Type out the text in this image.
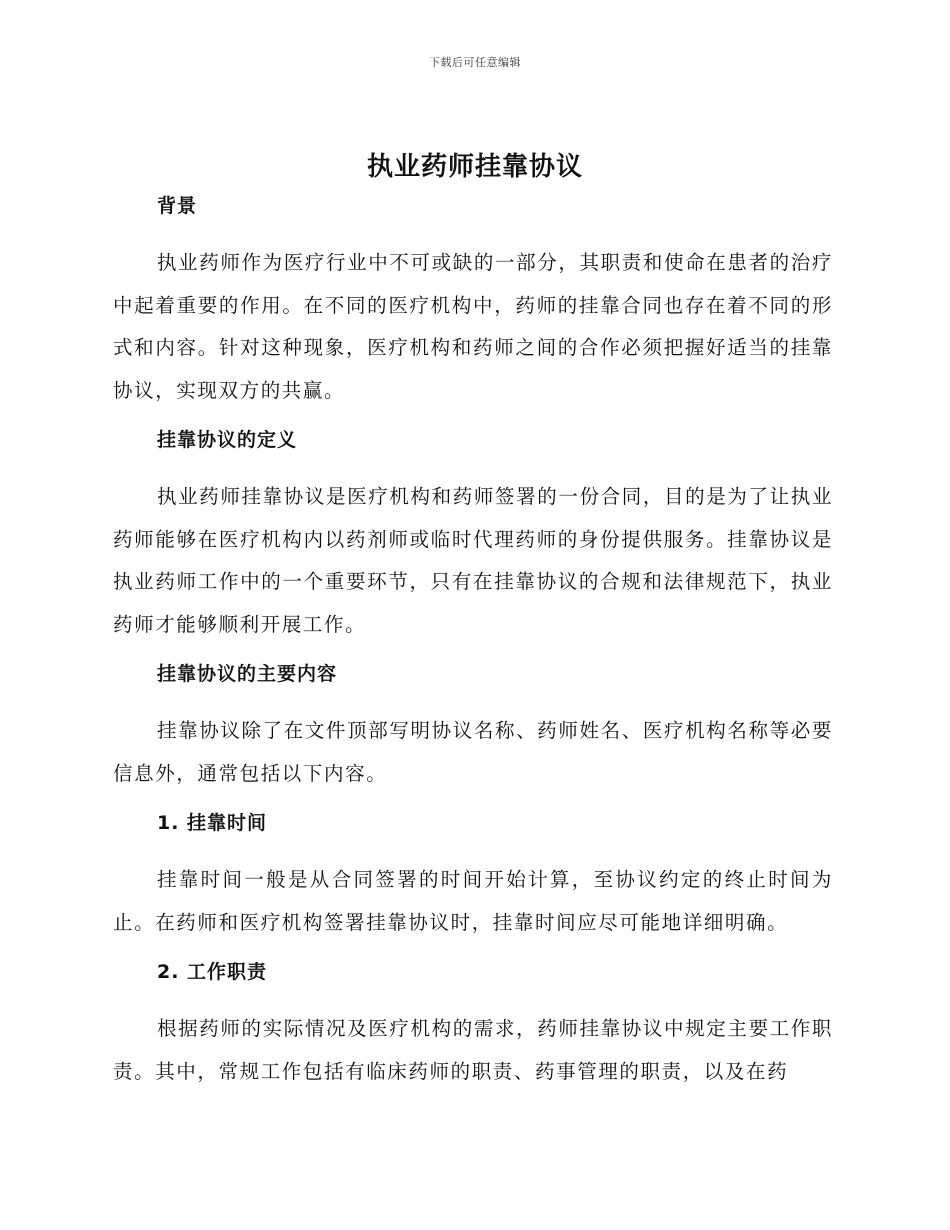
下载后可任意编辑
执业药师挂靠协议
背景

执业药师作为医疗行业中不可或缺的一部分，其职责和使命在患者的治疗中起着重要的作用。在不同的医疗机构中，药师的挂靠合同也存在着不同的形式和内容。针对这种现象，医疗机构和药师之间的合作必须把握好适当的挂靠协议，实现双方的共赢。

挂靠协议的定义

执业药师挂靠协议是医疗机构和药师签署的一份合同，目的是为了让执业药师能够在医疗机构内以药剂师或临时代理药师的身份提供服务。挂靠协议是执业药师工作中的一个重要环节，只有在挂靠协议的合规和法律规范下，执业药师才能够顺利开展工作。

挂靠协议的主要内容

挂靠协议除了在文件顶部写明协议名称、药师姓名、医疗机构名称等必要信息外，通常包括以下内容。

1. 挂靠时间

挂靠时间一般是从合同签署的时间开始计算，至协议约定的终止时间为止。在药师和医疗机构签署挂靠协议时，挂靠时间应尽可能地详细明确。

2. 工作职责

根据药师的实际情况及医疗机构的需求，药师挂靠协议中规定主要工作职责。其中，常规工作包括有临床药师的职责、药事管理的职责，以及在药
